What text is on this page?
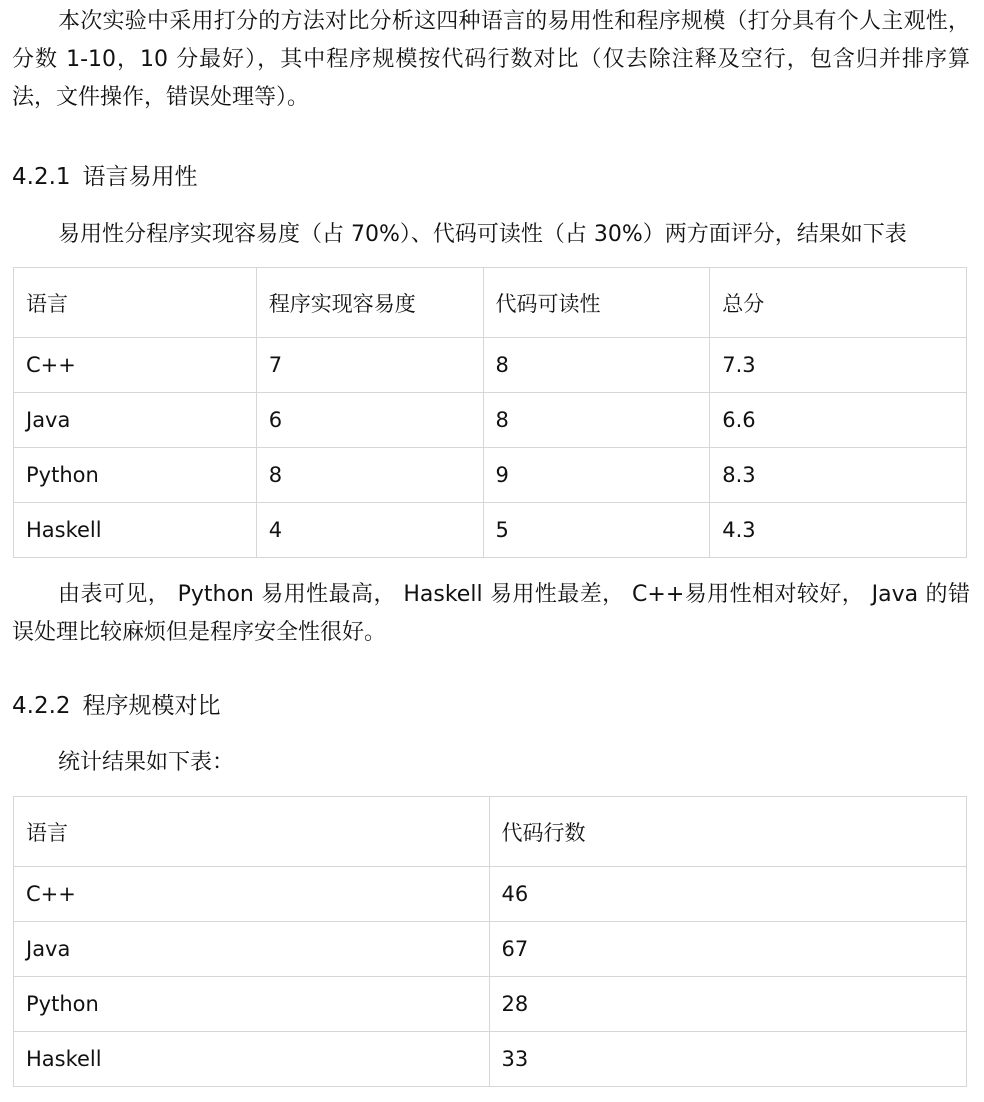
本次实验中采用打分的方法对比分析这四种语言的易用性和程序规模（打分具有个人主观性，分数 1-10，10 分最好），其中程序规模按代码行数对比（仅去除注释及空行，包含归并排序算法，文件操作，错误处理等）。

4.2.1 语言易用性

易用性分程序实现容易度（占 70%）、代码可读性（占 30%）两方面评分，结果如下表

语言	程序实现容易度	代码可读性	总分
C++	7	8	7.3
Java	6	8	6.6
Python	8	9	8.3
Haskell	4	5	4.3

由表可见， Python 易用性最高， Haskell 易用性最差， C++易用性相对较好， Java 的错误处理比较麻烦但是程序安全性很好。

4.2.2 程序规模对比

统计结果如下表：

语言	代码行数
C++	46
Java	67
Python	28
Haskell	33
